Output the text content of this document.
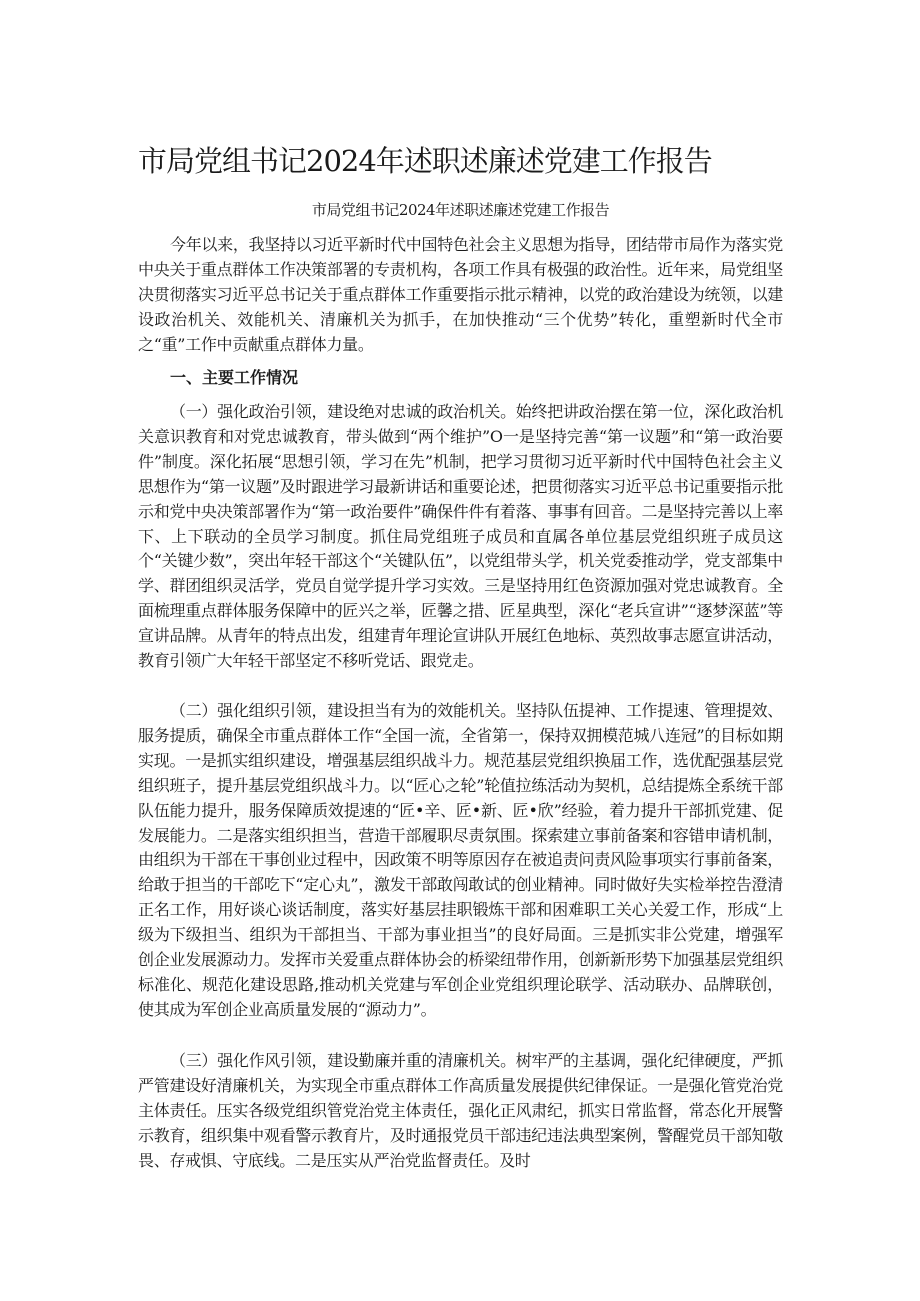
市局党组书记2024年述职述廉述党建工作报告

市局党组书记2024年述职述廉述党建工作报告

今年以来，我坚持以习近平新时代中国特色社会主义思想为指导，团结带市局作为落实党中央关于重点群体工作决策部署的专责机构，各项工作具有极强的政治性。近年来，局党组坚决贯彻落实习近平总书记关于重点群体工作重要指示批示精神，以党的政治建设为统领，以建设政治机关、效能机关、清廉机关为抓手，在加快推动“三个优势”转化，重塑新时代全市之“重”工作中贡献重点群体力量。

一、主要工作情况

（一）强化政治引领，建设绝对忠诚的政治机关。始终把讲政治摆在第一位，深化政治机关意识教育和对党忠诚教育，带头做到“两个维护”O一是坚持完善“第一议题”和“第一政治要件”制度。深化拓展“思想引领，学习在先”机制，把学习贯彻习近平新时代中国特色社会主义思想作为“第一议题”及时跟进学习最新讲话和重要论述，把贯彻落实习近平总书记重要指示批示和党中央决策部署作为“第一政治要件”确保件件有着落、事事有回音。二是坚持完善以上率下、上下联动的全员学习制度。抓住局党组班子成员和直属各单位基层党组织班子成员这个“关键少数”，突出年轻干部这个“关键队伍”，以党组带头学，机关党委推动学，党支部集中学、群团组织灵活学，党员自觉学提升学习实效。三是坚持用红色资源加强对党忠诚教育。全面梳理重点群体服务保障中的匠兴之举，匠馨之措、匠星典型，深化“老兵宣讲”“逐梦深蓝”等宣讲品牌。从青年的特点出发，组建青年理论宣讲队开展红色地标、英烈故事志愿宣讲活动，教育引领广大年轻干部坚定不移听党话、跟党走。

（二）强化组织引领，建设担当有为的效能机关。坚持队伍提神、工作提速、管理提效、服务提质，确保全市重点群体工作“全国一流，全省第一，保持双拥模范城八连冠”的目标如期实现。一是抓实组织建设，增强基层组织战斗力。规范基层党组织换届工作，选优配强基层党组织班子，提升基层党组织战斗力。以“匠心之轮”轮值拉练活动为契机，总结提炼全系统干部队伍能力提升，服务保障质效提速的“匠•辛、匠•新、匠•欣”经验，着力提升干部抓党建、促发展能力。二是落实组织担当，营造干部履职尽责氛围。探索建立事前备案和容错申请机制，由组织为干部在干事创业过程中，因政策不明等原因存在被追责问责风险事项实行事前备案，给敢于担当的干部吃下“定心丸”，激发干部敢闯敢试的创业精神。同时做好失实检举控告澄清正名工作，用好谈心谈话制度，落实好基层挂职锻炼干部和困难职工关心关爱工作，形成“上级为下级担当、组织为干部担当、干部为事业担当”的良好局面。三是抓实非公党建，增强军创企业发展源动力。发挥市关爱重点群体协会的桥梁纽带作用，创新新形势下加强基层党组织标准化、规范化建设思路,推动机关党建与军创企业党组织理论联学、活动联办、品牌联创，使其成为军创企业高质量发展的“源动力”。

（三）强化作风引领，建设勤廉并重的清廉机关。树牢严的主基调，强化纪律硬度，严抓严管建设好清廉机关，为实现全市重点群体工作高质量发展提供纪律保证。一是强化管党治党主体责任。压实各级党组织管党治党主体责任，强化正风肃纪，抓实日常监督，常态化开展警示教育，组织集中观看警示教育片，及时通报党员干部违纪违法典型案例，警醒党员干部知敬畏、存戒惧、守底线。二是压实从严治党监督责任。及时
